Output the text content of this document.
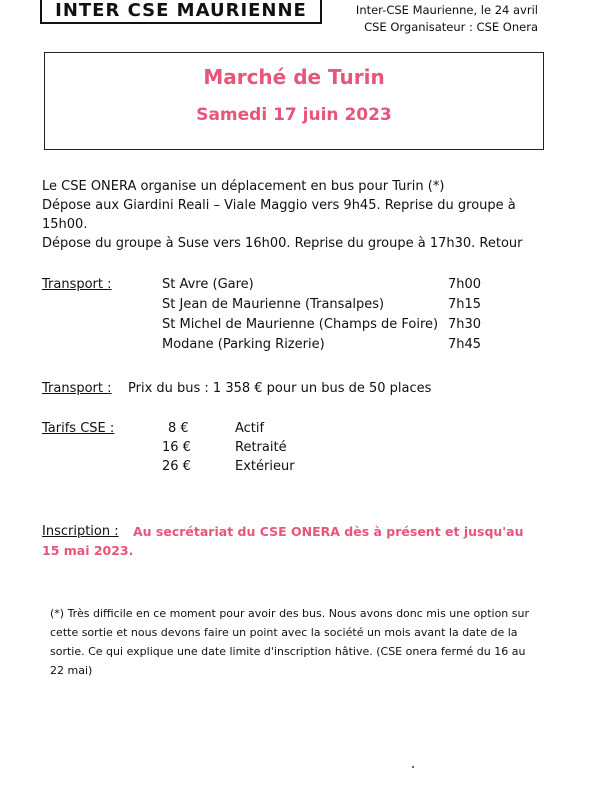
INTER CSE MAURIENNE	Inter-CSE Maurienne, le 24 avril
CSE Organisateur : CSE Onera
Marché de Turin
Samedi 17 juin 2023
Le CSE ONERA organise un déplacement en bus pour Turin (*)
Dépose aux Giardini Reali – Viale Maggio vers 9h45. Reprise du groupe à
15h00.
Dépose du groupe à Suse vers 16h00. Reprise du groupe à 17h30. Retour
Transport :	St Avre (Gare)	7h00
St Jean de Maurienne (Transalpes)	7h15
St Michel de Maurienne (Champs de Foire) 7h30
Modane (Parking Rizerie)	7h45
Transport : Prix du bus : 1 358 € pour un bus de 50 places
Tarifs CSE :	8 €	Actif
16 €	Retraité
26 €	Extérieur
Inscription : Au secrétariat du CSE ONERA dès à présent et jusqu'au
15 mai 2023.
(*) Très difficile en ce moment pour avoir des bus. Nous avons donc mis une option sur
cette sortie et nous devons faire un point avec la société un mois avant la date de la
sortie. Ce qui explique une date limite d'inscription hâtive. (CSE onera fermé du 16 au
22 mai)
